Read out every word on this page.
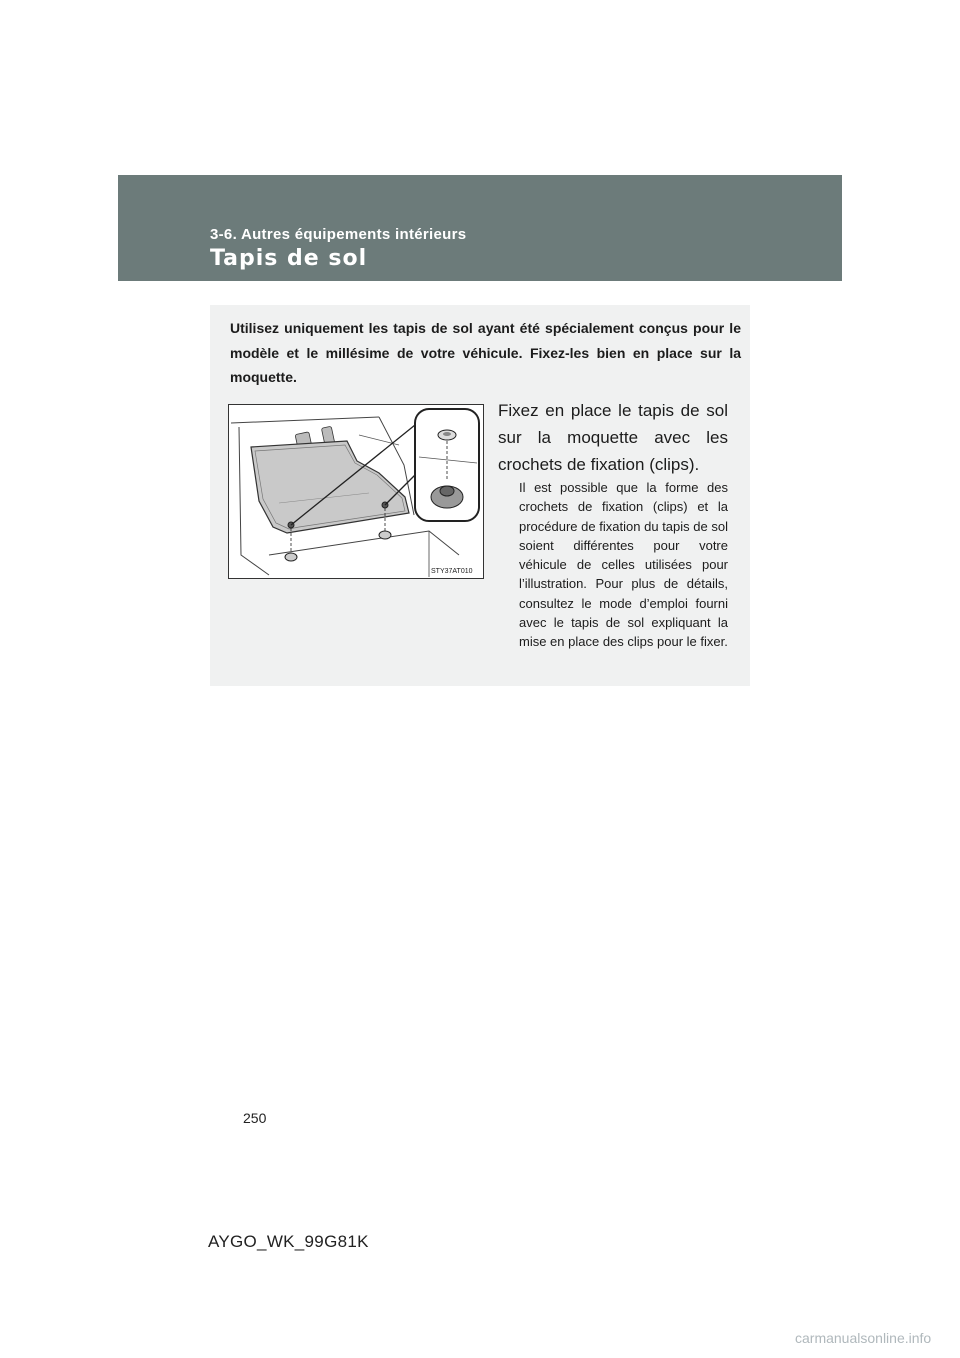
3-6. Autres équipements intérieurs
Tapis de sol
Utilisez uniquement les tapis de sol ayant été spécialement conçus pour le modèle et le millésime de votre véhicule. Fixez-les bien en place sur la moquette.
STY37AT010
Fixez en place le tapis de sol sur la moquette avec les crochets de fixation (clips).
Il est possible que la forme des crochets de fixation (clips) et la procédure de fixation du tapis de sol soient différentes pour votre véhicule de celles utilisées pour l’illustration. Pour plus de détails, consultez le mode d’emploi fourni avec le tapis de sol expliquant la mise en place des clips pour le fixer.
250
AYGO_WK_99G81K
carmanualsonline.info
